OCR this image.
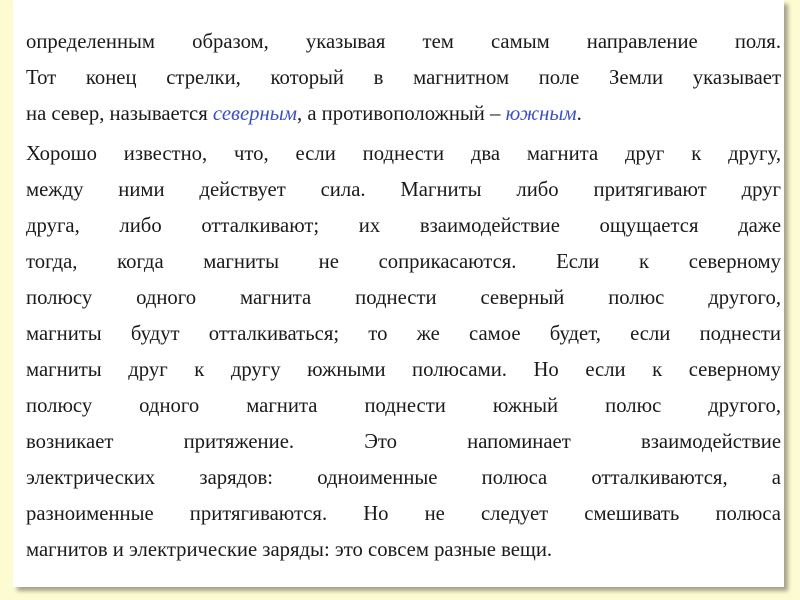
определенным образом, указывая тем самым направление поля.
Тот конец стрелки, который в магнитном поле Земли указывает
на север, называется северным, а противоположный – южным.

Хорошо известно, что, если поднести два магнита друг к другу,
между ними действует сила. Магниты либо притягивают друг
друга, либо отталкивают; их взаимодействие ощущается даже
тогда, когда магниты не соприкасаются. Если к северному
полюсу одного магнита поднести северный полюс другого,
магниты будут отталкиваться; то же самое будет, если поднести
магниты друг к другу южными полюсами. Но если к северному
полюсу одного магнита поднести южный полюс другого,
возникает притяжение. Это напоминает взаимодействие
электрических зарядов: одноименные полюса отталкиваются, а
разноименные притягиваются. Но не следует смешивать полюса
магнитов и электрические заряды: это совсем разные вещи.
